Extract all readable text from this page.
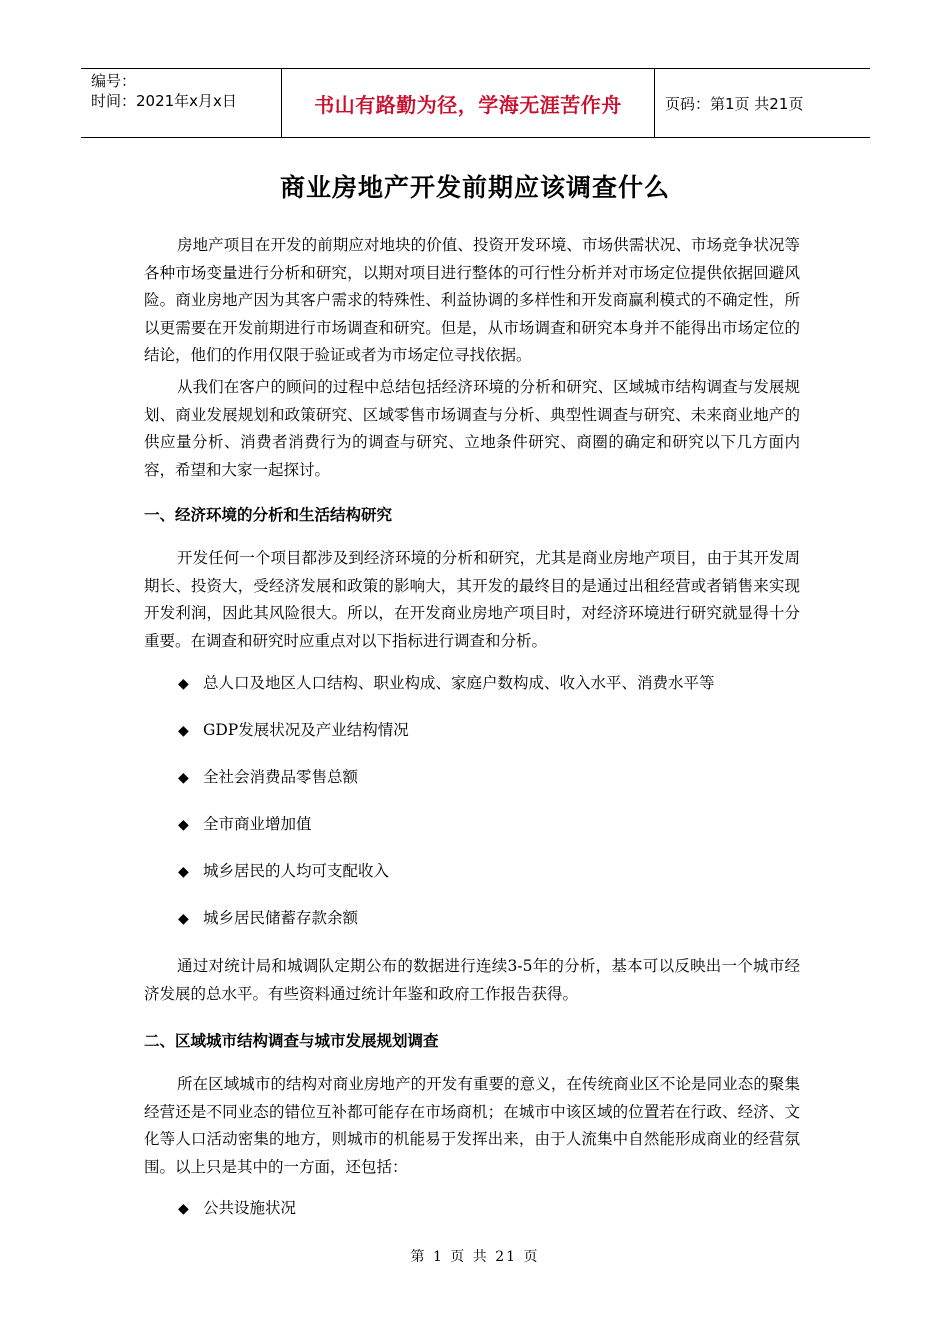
编号：
时间：2021年x月x日	书山有路勤为径，学海无涯苦作舟	页码：第1页 共21页
商业房地产开发前期应该调查什么

房地产项目在开发的前期应对地块的价值、投资开发环境、市场供需状况、市场竞争状况等各种市场变量进行分析和研究，以期对项目进行整体的可行性分析并对市场定位提供依据回避风险。商业房地产因为其客户需求的特殊性、利益协调的多样性和开发商赢利模式的不确定性，所以更需要在开发前期进行市场调查和研究。但是，从市场调查和研究本身并不能得出市场定位的结论，他们的作用仅限于验证或者为市场定位寻找依据。

从我们在客户的顾问的过程中总结包括经济环境的分析和研究、区域城市结构调查与发展规划、商业发展规划和政策研究、区域零售市场调查与分析、典型性调查与研究、未来商业地产的供应量分析、消费者消费行为的调查与研究、立地条件研究、商圈的确定和研究以下几方面内容，希望和大家一起探讨。

一、经济环境的分析和生活结构研究

开发任何一个项目都涉及到经济环境的分析和研究，尤其是商业房地产项目，由于其开发周期长、投资大，受经济发展和政策的影响大，其开发的最终目的是通过出租经营或者销售来实现开发利润，因此其风险很大。所以，在开发商业房地产项目时，对经济环境进行研究就显得十分重要。在调查和研究时应重点对以下指标进行调查和分析。

◆ 总人口及地区人口结构、职业构成、家庭户数构成、收入水平、消费水平等

◆ GDP发展状况及产业结构情况

◆ 全社会消费品零售总额

◆ 全市商业增加值

◆ 城乡居民的人均可支配收入

◆ 城乡居民储蓄存款余额

通过对统计局和城调队定期公布的数据进行连续3-5年的分析，基本可以反映出一个城市经济发展的总水平。有些资料通过统计年鉴和政府工作报告获得。

二、区域城市结构调查与城市发展规划调查

所在区域城市的结构对商业房地产的开发有重要的意义，在传统商业区不论是同业态的聚集经营还是不同业态的错位互补都可能存在市场商机；在城市中该区域的位置若在行政、经济、文化等人口活动密集的地方，则城市的机能易于发挥出来，由于人流集中自然能形成商业的经营氛围。以上只是其中的一方面，还包括：

◆ 公共设施状况

第 1 页 共 21 页
